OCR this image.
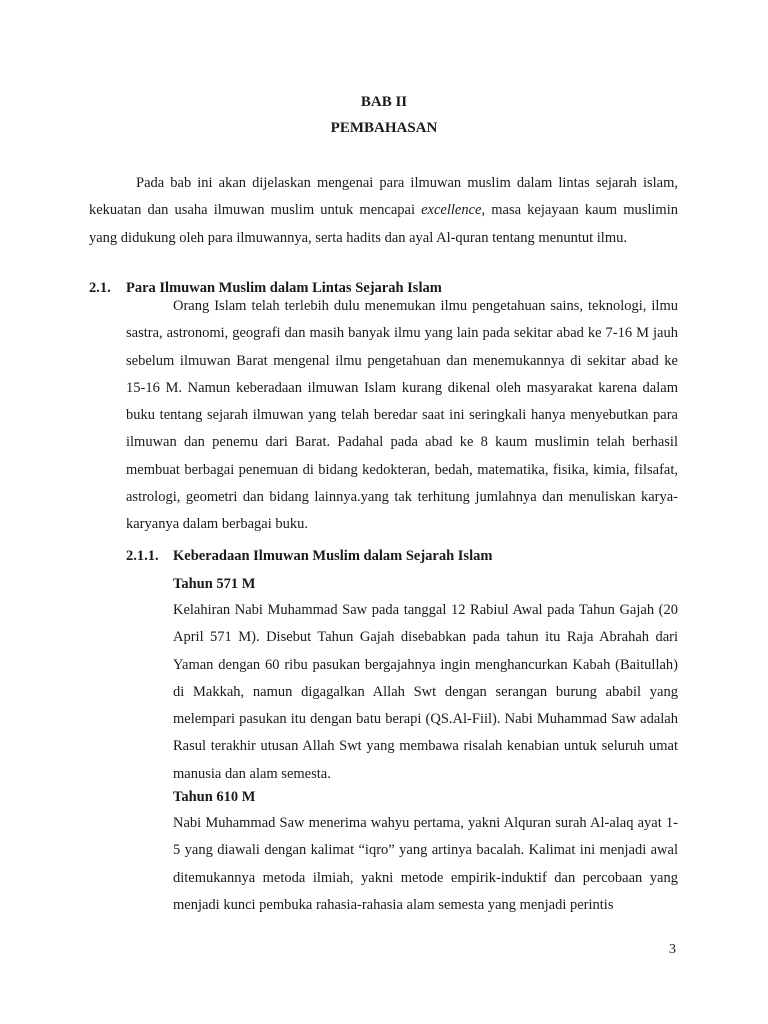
BAB II
PEMBAHASAN

Pada bab ini akan dijelaskan mengenai para ilmuwan muslim dalam lintas sejarah islam, kekuatan dan usaha ilmuwan muslim untuk mencapai excellence, masa kejayaan kaum muslimin yang didukung oleh para ilmuwannya, serta hadits dan ayal Al-quran tentang menuntut ilmu.

2.1. Para Ilmuwan Muslim dalam Lintas Sejarah Islam

Orang Islam telah terlebih dulu menemukan ilmu pengetahuan sains, teknologi, ilmu sastra, astronomi, geografi dan masih banyak ilmu yang lain pada sekitar abad ke 7-16 M jauh sebelum ilmuwan Barat mengenal ilmu pengetahuan dan menemukannya di sekitar abad ke 15-16 M. Namun keberadaan ilmuwan Islam kurang dikenal oleh masyarakat karena dalam buku tentang sejarah ilmuwan yang telah beredar saat ini seringkali hanya menyebutkan para ilmuwan dan penemu dari Barat. Padahal pada abad ke 8 kaum muslimin telah berhasil membuat berbagai penemuan di bidang kedokteran, bedah, matematika, fisika, kimia, filsafat, astrologi, geometri dan bidang lainnya.yang tak terhitung jumlahnya dan menuliskan karya-karyanya dalam berbagai buku.

2.1.1. Keberadaan Ilmuwan Muslim dalam Sejarah Islam
Tahun 571 M

Kelahiran Nabi Muhammad Saw pada tanggal 12 Rabiul Awal pada Tahun Gajah (20 April 571 M). Disebut Tahun Gajah disebabkan pada tahun itu Raja Abrahah dari Yaman dengan 60 ribu pasukan bergajahnya ingin menghancurkan Kabah (Baitullah) di Makkah, namun digagalkan Allah Swt dengan serangan burung ababil yang melempari pasukan itu dengan batu berapi (QS.Al-Fiil). Nabi Muhammad Saw adalah Rasul terakhir utusan Allah Swt yang membawa risalah kenabian untuk seluruh umat manusia dan alam semesta.

Tahun 610 M

Nabi Muhammad Saw menerima wahyu pertama, yakni Alquran surah Al-alaq ayat 1-5 yang diawali dengan kalimat “iqro” yang artinya bacalah. Kalimat ini menjadi awal ditemukannya metoda ilmiah, yakni metode empirik-induktif dan percobaan yang menjadi kunci pembuka rahasia-rahasia alam semesta yang menjadi perintis

3
